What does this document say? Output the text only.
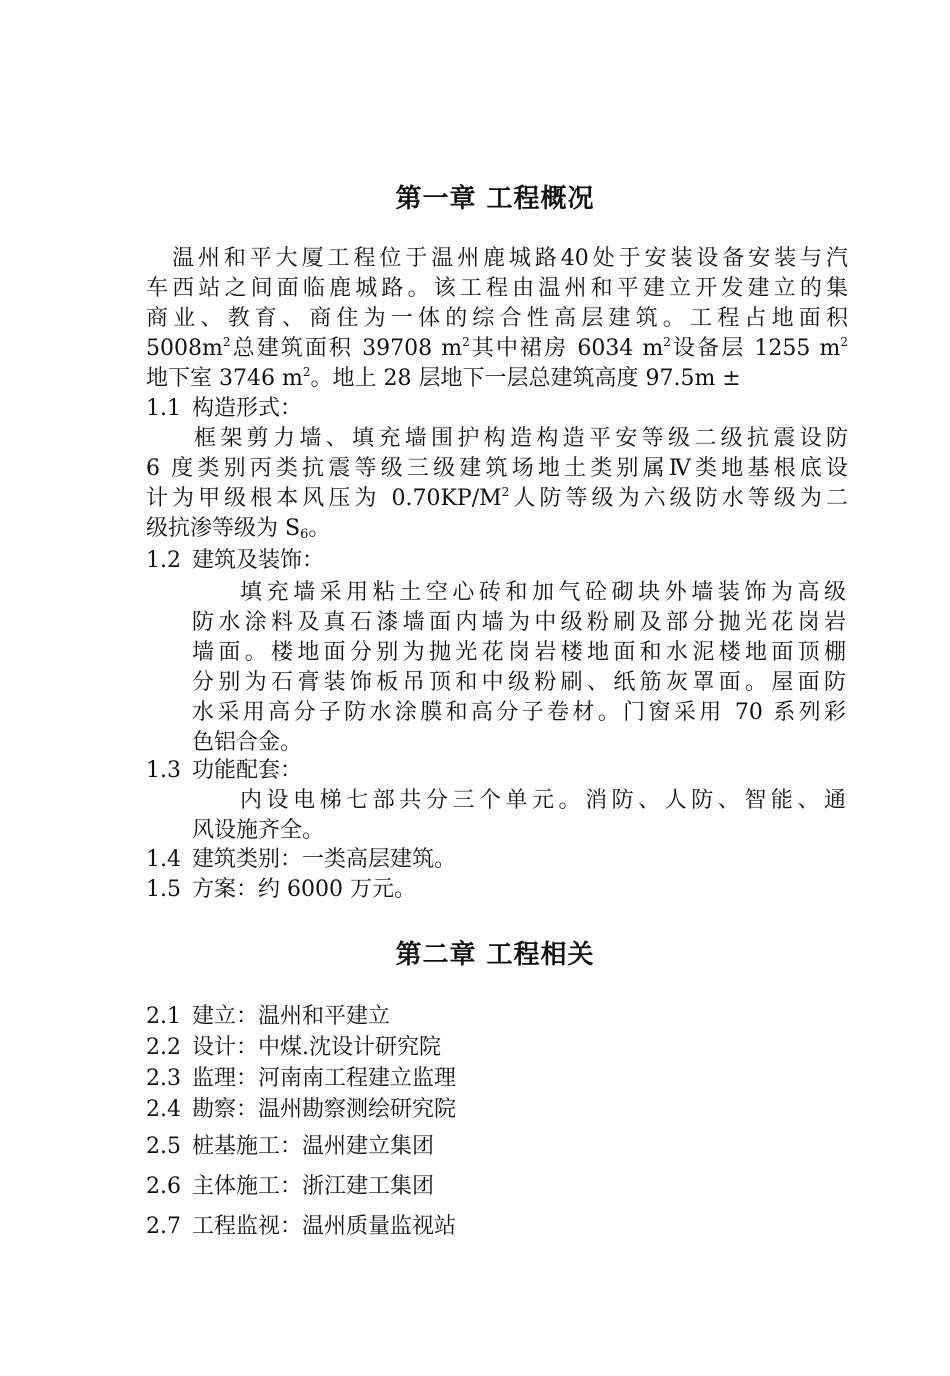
第一章 工程概况
温州和平大厦工程位于温州鹿城路40处于安装设备安装与汽
车西站之间面临鹿城路。该工程由温州和平建立开发建立的集
商业、教育、商住为一体的综合性高层建筑。工程占地面积
$5008m^2$总建筑面积 39708 $m^2$其中裙房 6034 $m^2$设备层 1255 $m^2$
地下室 3746 $m^2$。地上 28 层地下一层总建筑高度 97.5m ±
1.1 构造形式：
框架剪力墙、填充墙围护构造构造平安等级二级抗震设防
6 度类别丙类抗震等级三级建筑场地土类别属Ⅳ类地基根底设
计为甲级根本风压为 $0.70KP/M^2$人防等级为六级防水等级为二
级抗渗等级为 $S_6$。
1.2 建筑及装饰：
填充墙采用粘土空心砖和加气砼砌块外墙装饰为高级
防水涂料及真石漆墙面内墙为中级粉刷及部分抛光花岗岩
墙面。楼地面分别为抛光花岗岩楼地面和水泥楼地面顶棚
分别为石膏装饰板吊顶和中级粉刷、纸筋灰罩面。屋面防
水采用高分子防水涂膜和高分子卷材。门窗采用 70 系列彩
色铝合金。
1.3 功能配套：
内设电梯七部共分三个单元。消防、人防、智能、通
风设施齐全。
1.4 建筑类别：一类高层建筑。
1.5 方案：约 6000 万元。
第二章 工程相关
2.1 建立：温州和平建立
2.2 设计：中煤.沈设计研究院
2.3 监理：河南南工程建立监理
2.4 勘察：温州勘察测绘研究院
2.5 桩基施工：温州建立集团
2.6 主体施工：浙江建工集团
2.7 工程监视：温州质量监视站
